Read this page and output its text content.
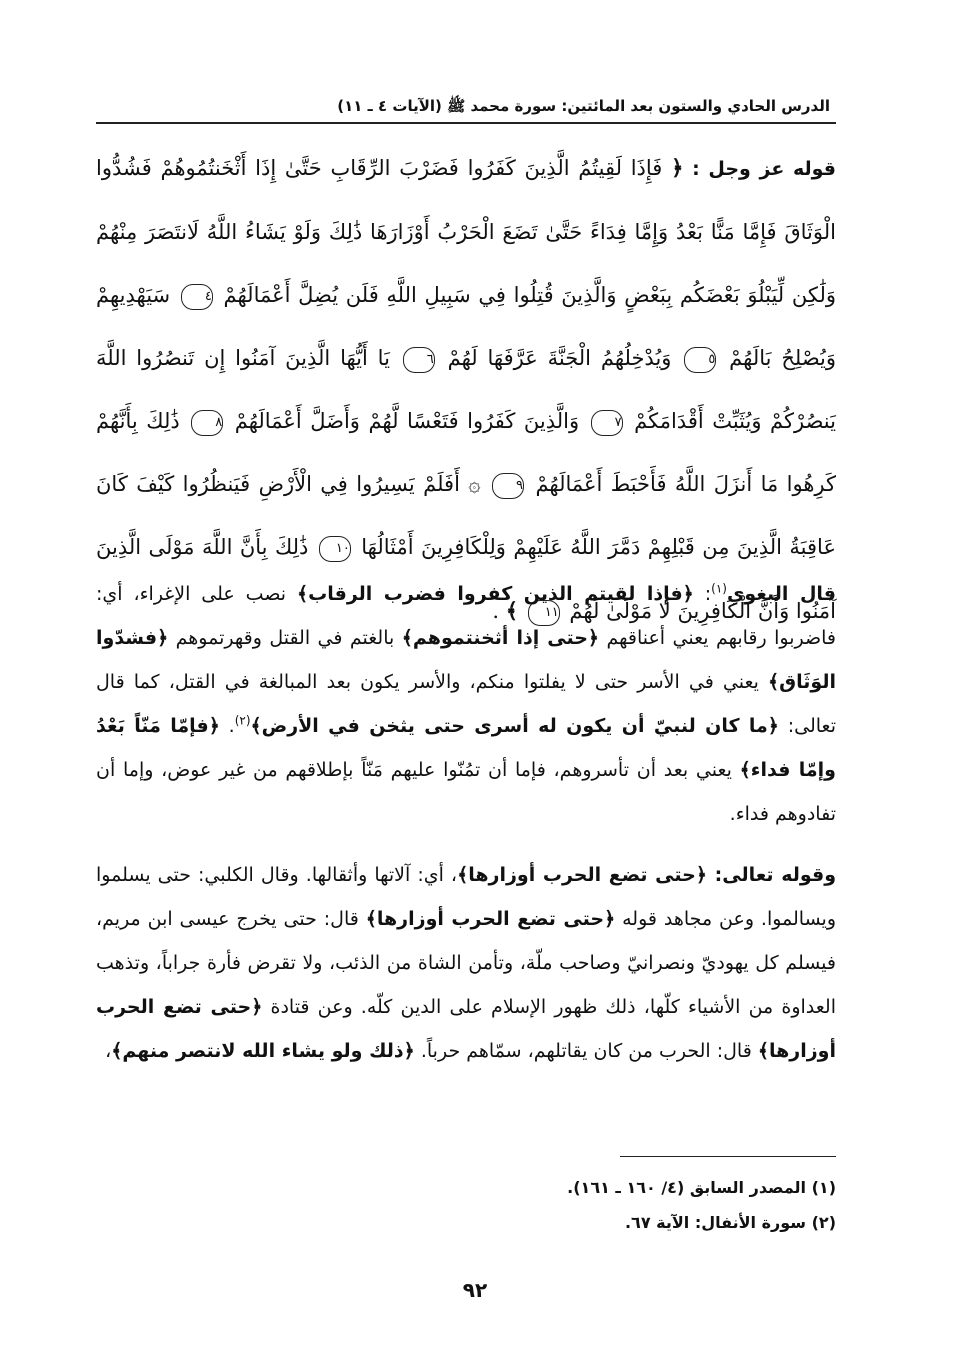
الدرس الحادي والستون بعد المائتين: سورة محمد ﷺ (الآيات ٤ ـ ١١)
قوله عز وجل : ﴿ فَإِذَا لَقِيتُمُ الَّذِينَ كَفَرُوا فَضَرْبَ الرِّقَابِ حَتَّىٰ إِذَا أَثْخَنتُمُوهُمْ فَشُدُّوا الْوَثَاقَ فَإِمَّا مَنًّا بَعْدُ وَإِمَّا فِدَاءً حَتَّىٰ تَضَعَ الْحَرْبُ أَوْزَارَهَا ذَٰلِكَ وَلَوْ يَشَاءُ اللَّهُ لَانتَصَرَ مِنْهُمْ وَلَٰكِن لِّيَبْلُوَ بَعْضَكُم بِبَعْضٍ وَالَّذِينَ قُتِلُوا فِي سَبِيلِ اللَّهِ فَلَن يُضِلَّ أَعْمَالَهُمْ ٤ سَيَهْدِيهِمْ وَيُصْلِحُ بَالَهُمْ ٥ وَيُدْخِلُهُمُ الْجَنَّةَ عَرَّفَهَا لَهُمْ ٦ يَا أَيُّهَا الَّذِينَ آمَنُوا إِن تَنصُرُوا اللَّهَ يَنصُرْكُمْ وَيُثَبِّتْ أَقْدَامَكُمْ ٧ وَالَّذِينَ كَفَرُوا فَتَعْسًا لَّهُمْ وَأَضَلَّ أَعْمَالَهُمْ ٨ ذَٰلِكَ بِأَنَّهُمْ كَرِهُوا مَا أَنزَلَ اللَّهُ فَأَحْبَطَ أَعْمَالَهُمْ ٩ ۞ أَفَلَمْ يَسِيرُوا فِي الْأَرْضِ فَيَنظُرُوا كَيْفَ كَانَ عَاقِبَةُ الَّذِينَ مِن قَبْلِهِمْ دَمَّرَ اللَّهُ عَلَيْهِمْ وَلِلْكَافِرِينَ أَمْثَالُهَا ١٠ ذَٰلِكَ بِأَنَّ اللَّهَ مَوْلَى الَّذِينَ آمَنُوا وَأَنَّ الْكَافِرِينَ لَا مَوْلَىٰ لَهُمْ ١١ ﴾ .
قال البغوي$^{(١)}$: ﴿فإذا لقيتم الذين كفروا فضرب الرقاب﴾ نصب على الإغراء، أي: فاضربوا رقابهم يعني أعناقهم ﴿حتى إذا أثخنتموهم﴾ بالغتم في القتل وقهرتموهم ﴿فشدّوا الوَثَاق﴾ يعني في الأسر حتى لا يفلتوا منكم، والأسر يكون بعد المبالغة في القتل، كما قال تعالى: ﴿ما كان لنبيّ أن يكون له أسرى حتى يثخن في الأرض﴾$^{(٢)}$. ﴿فإمّا مَنّاً بَعْدُ وإمّا فداء﴾ يعني بعد أن تأسروهم، فإما أن تمُنّوا عليهم مَنّاً بإطلاقهم من غير عوض، وإما أن تفادوهم فداء.
وقوله تعالى: ﴿حتى تضع الحرب أوزارها﴾، أي: آلاتها وأثقالها. وقال الكلبي: حتى يسلموا ويسالموا. وعن مجاهد قوله ﴿حتى تضع الحرب أوزارها﴾ قال: حتى يخرج عيسى ابن مريم، فيسلم كل يهوديّ ونصرانيّ وصاحب ملّة، وتأمن الشاة من الذئب، ولا تقرض فأرة جراباً، وتذهب العداوة من الأشياء كلّها، ذلك ظهور الإسلام على الدين كلّه. وعن قتادة ﴿حتى تضع الحرب أوزارها﴾ قال: الحرب من كان يقاتلهم، سمّاهم حرباً. ﴿ذلك ولو يشاء الله لانتصر منهم﴾،
(١) المصدر السابق (٤/ ١٦٠ ـ ١٦١).
(٢) سورة الأنفال: الآية ٦٧.
٩٢
